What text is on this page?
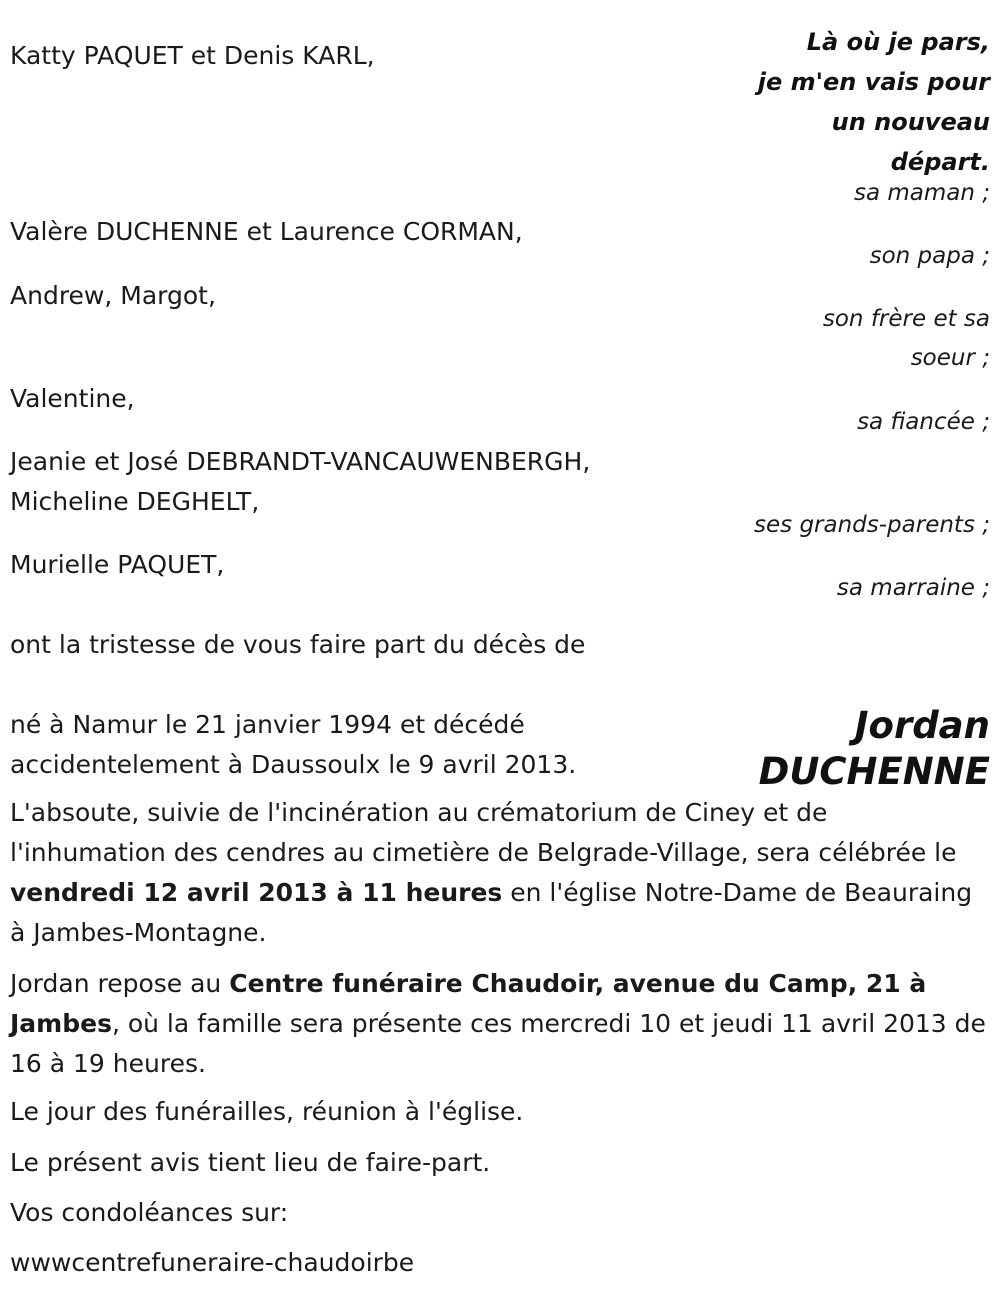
Là où je pars,
je m'en vais pour
un nouveau
départ.

Katty PAQUET et Denis KARL,

sa maman ;

Valère DUCHENNE et Laurence CORMAN,

son papa ;

Andrew, Margot,

son frère et sa
soeur ;

Valentine,

sa fiancée ;

Jeanie et José DEBRANDT-VANCAUWENBERGH,
Micheline DEGHELT,

ses grands-parents ;

Murielle PAQUET,

sa marraine ;

ont la tristesse de vous faire part du décès de

Jordan
DUCHENNE
né à Namur le 21 janvier 1994 et décédé
accidentelement à Daussoulx le 9 avril 2013.

L'absoute, suivie de l'incinération au crématorium de Ciney et de l'inhumation des cendres au cimetière de Belgrade-Village, sera célébrée le vendredi 12 avril 2013 à 11 heures en l'église Notre-Dame de Beauraing à Jambes-Montagne.

Jordan repose au Centre funéraire Chaudoir, avenue du Camp, 21 à Jambes, où la famille sera présente ces mercredi 10 et jeudi 11 avril 2013 de 16 à 19 heures.

Le jour des funérailles, réunion à l'église.

Le présent avis tient lieu de faire-part.

Vos condoléances sur:

wwwcentrefuneraire-chaudoirbe
